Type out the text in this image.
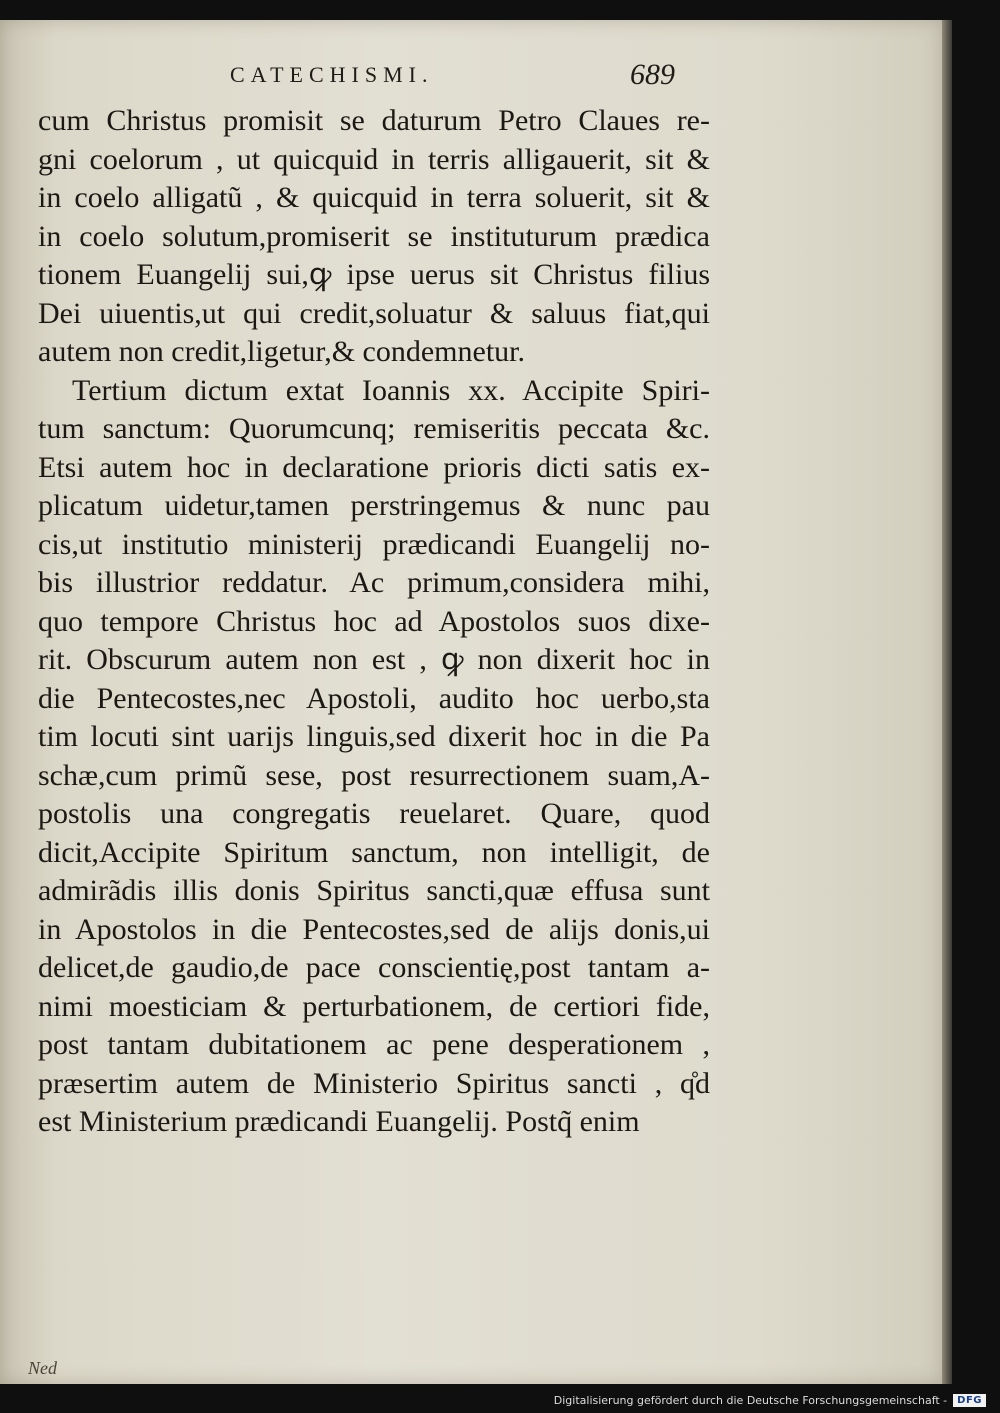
CATECHISMI.	689
cum Christus promisit se daturum Petro Claues re-
gni coelorum , ut quicquid in terris alligauerit, sit &
in coelo alligatũ , & quicquid in terra soluerit, sit &
in coelo solutum,promiserit se instituturum prædica
tionem Euangelij sui,ꝙ ipse uerus sit Christus filius
Dei uiuentis,ut qui credit,soluatur & saluus fiat,qui
autem non credit,ligetur,& condemnetur.
Tertium dictum extat Ioannis xx. Accipite Spiri-
tum sanctum: Quorumcunq; remiseritis peccata &c.
Etsi autem hoc in declaratione prioris dicti satis ex-
plicatum uidetur,tamen perstringemus & nunc pau
cis,ut institutio ministerij prædicandi Euangelij no-
bis illustrior reddatur. Ac primum,considera mihi,
quo tempore Christus hoc ad Apostolos suos dixe-
rit. Obscurum autem non est , ꝙ non dixerit hoc in
die Pentecostes,nec Apostoli, audito hoc uerbo,sta
tim locuti sint uarijs linguis,sed dixerit hoc in die Pa
schæ,cum primũ sese, post resurrectionem suam,A-
postolis una congregatis reuelaret. Quare, quod
dicit,Accipite Spiritum sanctum, non intelligit, de
admirãdis illis donis Spiritus sancti,quæ effusa sunt
in Apostolos in die Pentecostes,sed de alijs donis,ui
delicet,de gaudio,de pace conscientię,post tantam a-
nimi moesticiam & perturbationem, de certiori fide,
post tantam dubitationem ac pene desperationem ,
præsertim autem de Ministerio Spiritus sancti , q̊d
est Ministerium prædicandi Euangelij. Postq̃ enim
Ned
Digitalisierung gefördert durch die Deutsche Forschungsgemeinschaft -	DFG
